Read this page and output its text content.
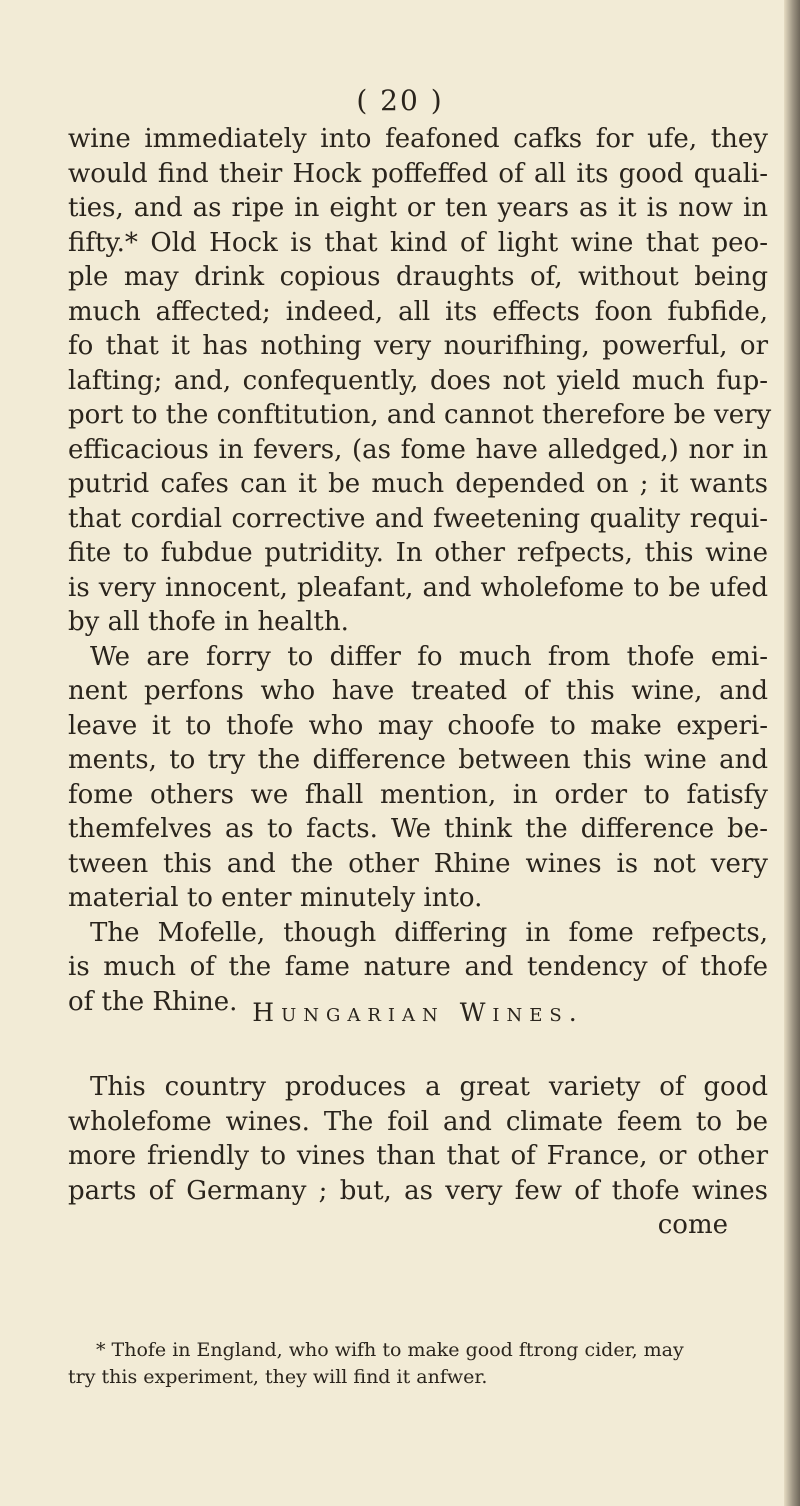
( 20 )
wine immediately into feafoned cafks for ufe, they
would find their Hock poffeffed of all its good quali-
ties, and as ripe in eight or ten years as it is now in
fifty.* Old Hock is that kind of light wine that peo-
ple may drink copious draughts of, without being
much affected; indeed, all its effects foon fubfide,
fo that it has nothing very nourifhing, powerful, or
lafting; and, confequently, does not yield much fup-
port to the conftitution, and cannot therefore be very
efficacious in fevers, (as fome have alledged,) nor in
putrid cafes can it be much depended on ; it wants
that cordial corrective and fweetening quality requi-
fite to fubdue putridity. In other refpects, this wine
is very innocent, pleafant, and wholefome to be ufed
by all thofe in health.
We are forry to differ fo much from thofe emi-
nent perfons who have treated of this wine, and
leave it to thofe who may choofe to make experi-
ments, to try the difference between this wine and
fome others we fhall mention, in order to fatisfy
themfelves as to facts. We think the difference be-
tween this and the other Rhine wines is not very
material to enter minutely into.
The Mofelle, though differing in fome refpects,
is much of the fame nature and tendency of thofe
of the Rhine. Hungarian Wines.
This country produces a great variety of good
wholefome wines. The foil and climate feem to be
more friendly to vines than that of France, or other
parts of Germany ; but, as very few of thofe wines
come
* Thofe in England, who wifh to make good ftrong cider, may
try this experiment, they will find it anfwer.
